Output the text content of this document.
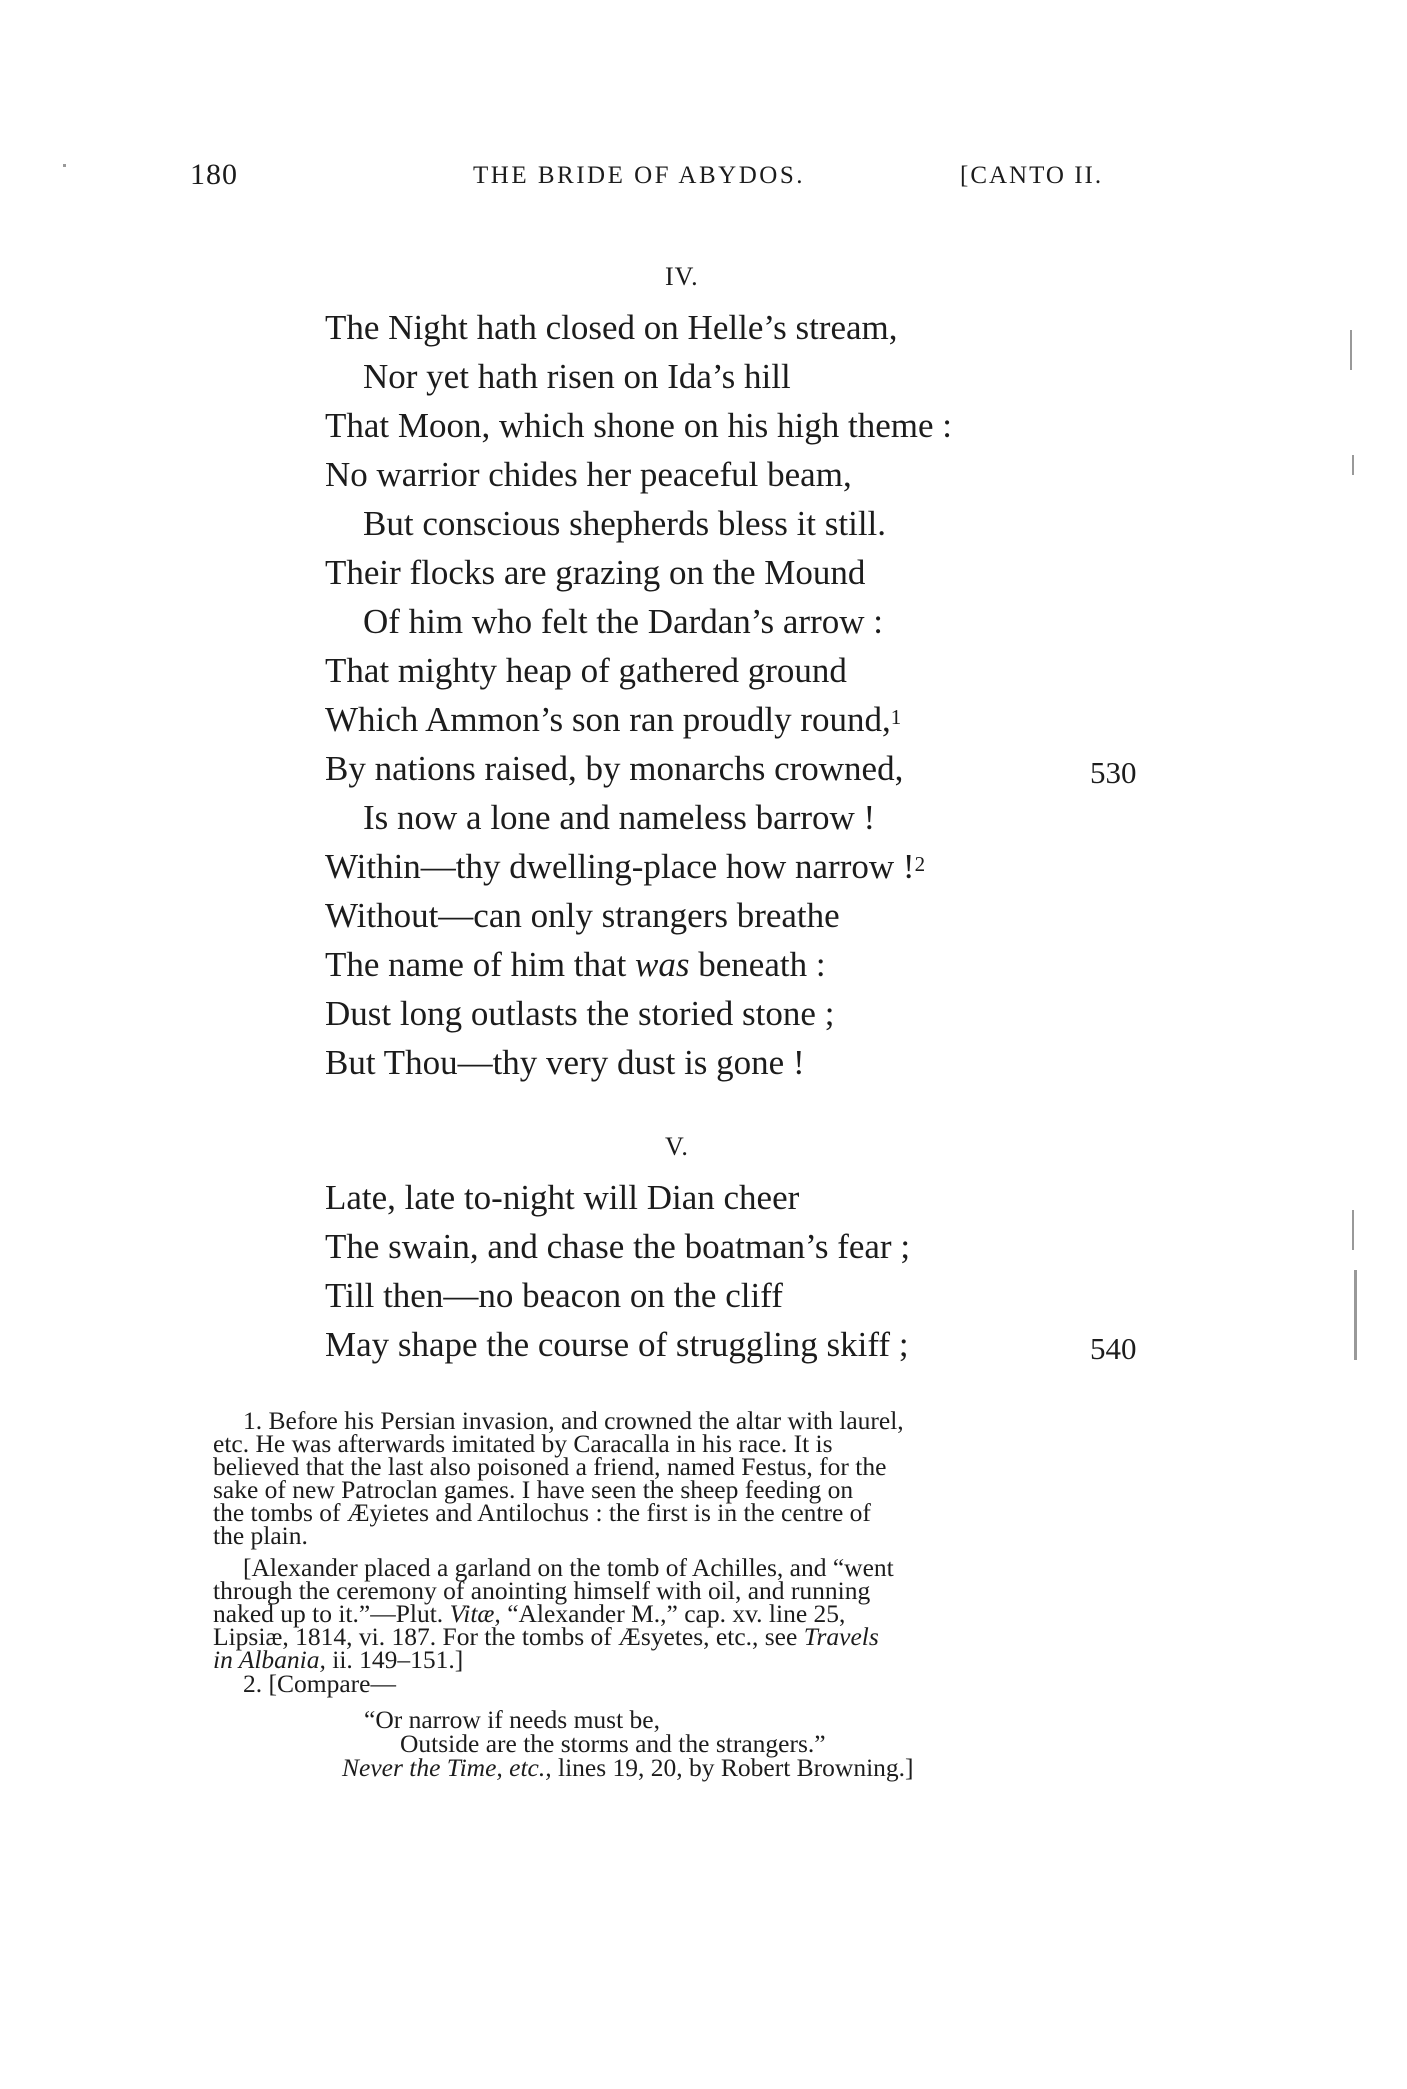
180	THE BRIDE OF ABYDOS.	[CANTO II.
IV.
The Night hath closed on Helle’s stream,
Nor yet hath risen on Ida’s hill
That Moon, which shone on his high theme :
No warrior chides her peaceful beam,
But conscious shepherds bless it still.
Their flocks are grazing on the Mound
Of him who felt the Dardan’s arrow :
That mighty heap of gathered ground
Which Ammon’s son ran proudly round,$^1$
By nations raised, by monarchs crowned,	530
Is now a lone and nameless barrow !
Within—thy dwelling-place how narrow !$^2$
Without—can only strangers breathe
The name of him that was beneath :
Dust long outlasts the storied stone ;
But Thou—thy very dust is gone !
V.
Late, late to-night will Dian cheer
The swain, and chase the boatman’s fear ;
Till then—no beacon on the cliff
May shape the course of struggling skiff ;	540
1. Before his Persian invasion, and crowned the altar with laurel,
etc. He was afterwards imitated by Caracalla in his race. It is
believed that the last also poisoned a friend, named Festus, for the
sake of new Patroclan games. I have seen the sheep feeding on
the tombs of Æyietes and Antilochus : the first is in the centre of
the plain.
[Alexander placed a garland on the tomb of Achilles, and “went
through the ceremony of anointing himself with oil, and running
naked up to it.”—Plut. Vitæ, “Alexander M.,” cap. xv. line 25,
Lipsiæ, 1814, vi. 187. For the tombs of Æsyetes, etc., see Travels
in Albania, ii. 149–151.]
2. [Compare—
“Or narrow if needs must be,
Outside are the storms and the strangers.”
Never the Time, etc., lines 19, 20, by Robert Browning.]
